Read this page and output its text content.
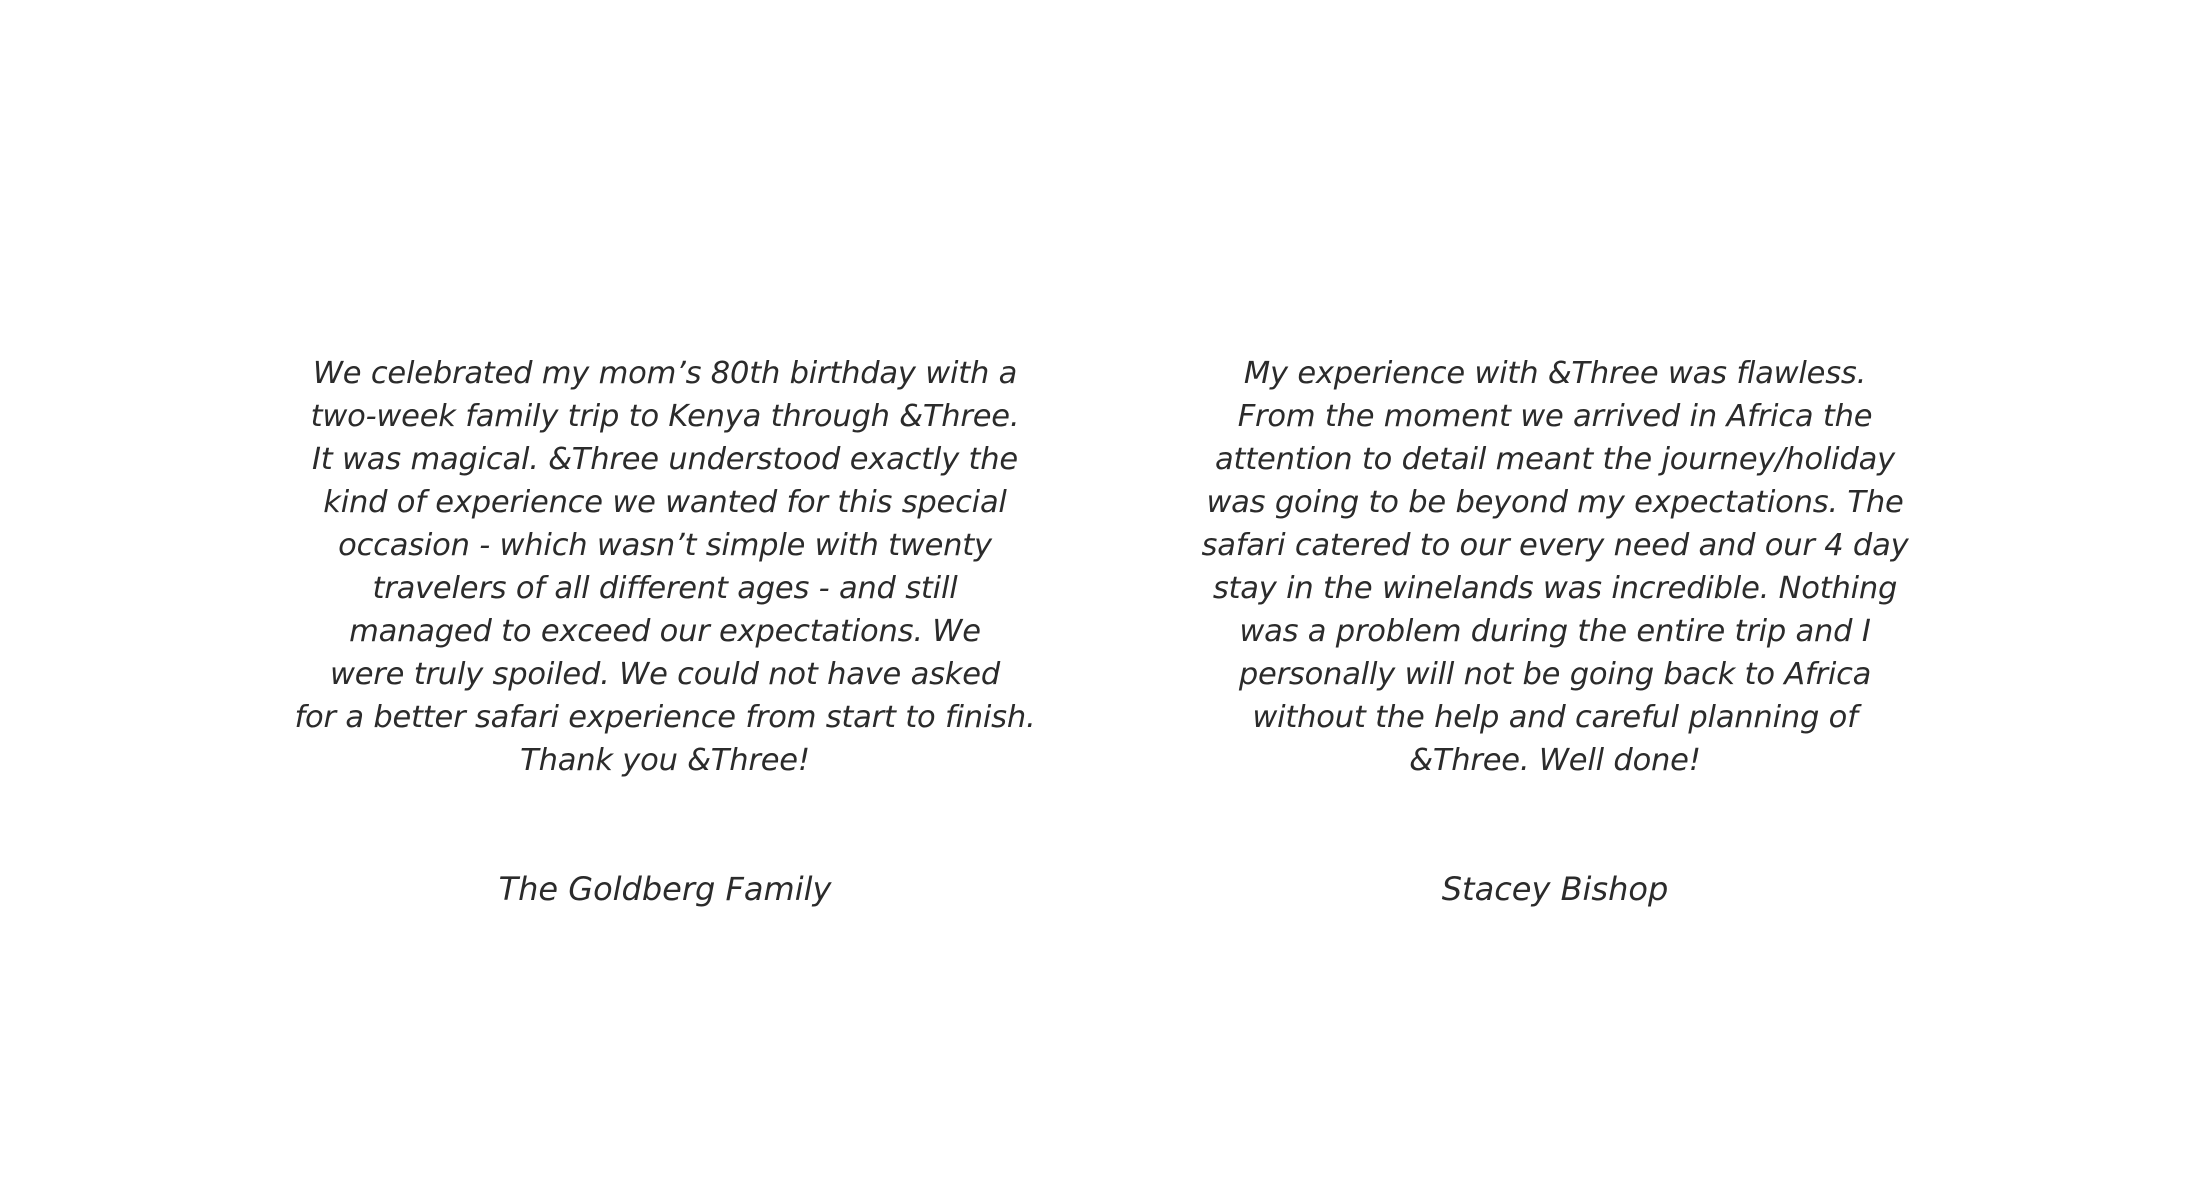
We celebrated my mom’s 80th birthday with a
two-week family trip to Kenya through &Three.
It was magical. &Three understood exactly the
kind of experience we wanted for this special
occasion - which wasn’t simple with twenty
travelers of all different ages - and still
managed to exceed our expectations. We
were truly spoiled. We could not have asked
for a better safari experience from start to finish.
Thank you &Three!
The Goldberg Family
My experience with &Three was flawless.
From the moment we arrived in Africa the
attention to detail meant the journey/holiday
was going to be beyond my expectations. The
safari catered to our every need and our 4 day
stay in the winelands was incredible. Nothing
was a problem during the entire trip and I
personally will not be going back to Africa
without the help and careful planning of
&Three. Well done!
Stacey Bishop
